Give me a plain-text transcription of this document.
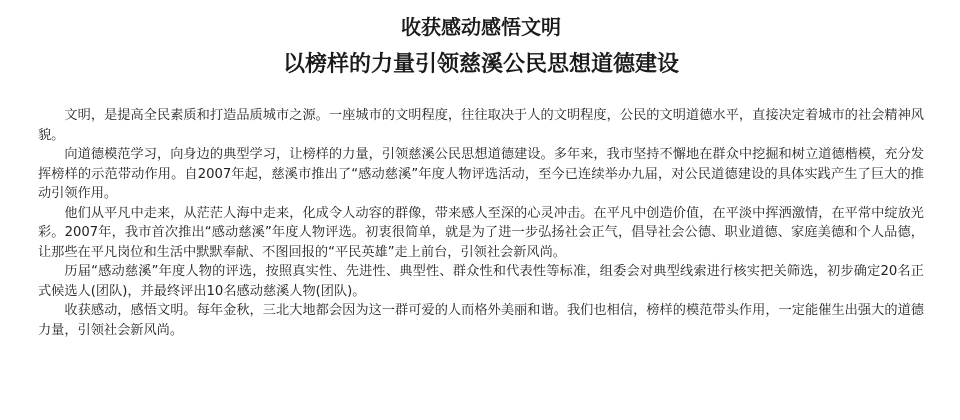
收获感动感悟文明
以榜样的力量引领慈溪公民思想道德建设

文明，是提高全民素质和打造品质城市之源。一座城市的文明程度，往往取决于人的文明程度，公民的文明道德水平，直接决定着城市的社会精神风貌。

向道德模范学习，向身边的典型学习，让榜样的力量，引领慈溪公民思想道德建设。多年来，我市坚持不懈地在群众中挖掘和树立道德楷模，充分发挥榜样的示范带动作用。自2007年起，慈溪市推出了“感动慈溪”年度人物评选活动，至今已连续举办九届，对公民道德建设的具体实践产生了巨大的推动引领作用。

他们从平凡中走来，从茫茫人海中走来，化成令人动容的群像，带来感人至深的心灵冲击。在平凡中创造价值，在平淡中挥洒激情，在平常中绽放光彩。2007年，我市首次推出“感动慈溪”年度人物评选。初衷很简单，就是为了进一步弘扬社会正气，倡导社会公德、职业道德、家庭美德和个人品德，让那些在平凡岗位和生活中默默奉献、不图回报的“平民英雄”走上前台，引领社会新风尚。

历届“感动慈溪”年度人物的评选，按照真实性、先进性、典型性、群众性和代表性等标准，组委会对典型线索进行核实把关筛选，初步确定20名正式候选人(团队)，并最终评出10名感动慈溪人物(团队)。

收获感动，感悟文明。每年金秋，三北大地都会因为这一群可爱的人而格外美丽和谐。我们也相信，榜样的模范带头作用，一定能催生出强大的道德力量，引领社会新风尚。
